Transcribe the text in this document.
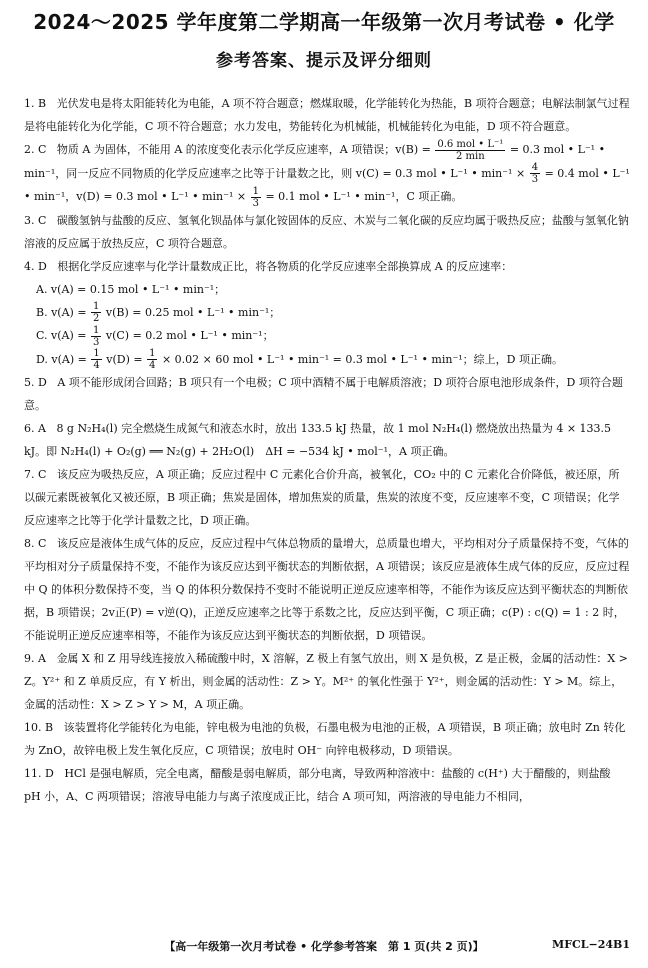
2024～2025 学年度第二学期高一年级第一次月考试卷 • 化学
参考答案、提示及评分细则

1. B 光伏发电是将太阳能转化为电能，A 项不符合题意；燃煤取暖，化学能转化为热能，B 项符合题意；电解法制氯气过程是将电能转化为化学能，C 项不符合题意；水力发电，势能转化为机械能，机械能转化为电能，D 项不符合题意。

2. C 物质 A 为固体，不能用 A 的浓度变化表示化学反应速率，A 项错误；$v(B) = \frac{\text{0.6 mol • L⁻¹}}{2 \min} = 0.3$ mol • L⁻¹ • min⁻¹，同一反应不同物质的化学反应速率之比等于计量数之比，则 v(C) = 0.3 mol • L⁻¹ • $\min^{-1} \times \frac{4}{3} = 0.4$ mol • L⁻¹ • min⁻¹，v(D) = 0.3 mol • L⁻¹ • $\min^{-1} \times \frac{1}{3} = 0.1$ mol • L⁻¹ • min⁻¹，C 项正确。

3. C 碳酸氢钠与盐酸的反应、氢氧化钡晶体与氯化铵固体的反应、木炭与二氧化碳的反应均属于吸热反应；盐酸与氢氧化钠溶液的反应属于放热反应，C 项符合题意。

4. D 根据化学反应速率与化学计量数成正比，将各物质的化学反应速率全部换算成 A 的反应速率：

A. v(A) = 0.15 mol • L⁻¹ • min⁻¹；

B. $v(A) = \frac{1}{2} v(B) = 0.25$ mol • L⁻¹ • min⁻¹；

C. $v(A) = \frac{1}{3} v(C) = 0.2$ mol • L⁻¹ • min⁻¹；

D. $v(A) = \frac{1}{4} v(D) = \frac{1}{4} \times 0.02 \times 60$ mol • L⁻¹ • min⁻¹ = 0.3 mol • L⁻¹ • min⁻¹；综上，D 项正确。

5. D A 项不能形成闭合回路；B 项只有一个电极；C 项中酒精不属于电解质溶液；D 项符合原电池形成条件，D 项符合题意。

6. A 8 g N₂H₄(l) 完全燃烧生成氮气和液态水时，放出 133.5 kJ 热量，故 1 mol N₂H₄(l) 燃烧放出热量为 4 × 133.5 kJ。即 N₂H₄(l) + O₂(g) ══ N₂(g) + 2H₂O(l)　ΔH = −534 kJ • mol⁻¹，A 项正确。

7. C 该反应为吸热反应，A 项正确；反应过程中 C 元素化合价升高，被氧化，CO₂ 中的 C 元素化合价降低，被还原，所以碳元素既被氧化又被还原，B 项正确；焦炭是固体，增加焦炭的质量，焦炭的浓度不变，反应速率不变，C 项错误；化学反应速率之比等于化学计量数之比，D 项正确。

8. C 该反应是液体生成气体的反应，反应过程中气体总物质的量增大，总质量也增大，平均相对分子质量保持不变，气体的平均相对分子质量保持不变，不能作为该反应达到平衡状态的判断依据，A 项错误；该反应是液体生成气体的反应，反应过程中 Q 的体积分数保持不变，当 Q 的体积分数保持不变时不能说明正逆反应速率相等，不能作为该反应达到平衡状态的判断依据，B 项错误；2v正(P) = v逆(Q)，正逆反应速率之比等于系数之比，反应达到平衡，C 项正确；c(P) : c(Q) = 1 : 2 时，不能说明正逆反应速率相等，不能作为该反应达到平衡状态的判断依据，D 项错误。

9. A 金属 X 和 Z 用导线连接放入稀硫酸中时，X 溶解，Z 极上有氢气放出，则 X 是负极，Z 是正极，金属的活动性：X > Z。Y²⁺ 和 Z 单质反应，有 Y 析出，则金属的活动性：Z > Y。M²⁺ 的氧化性强于 Y²⁺，则金属的活动性：Y > M。综上，金属的活动性：X > Z > Y > M，A 项正确。

10. B 该装置将化学能转化为电能，锌电极为电池的负极，石墨电极为电池的正极，A 项错误，B 项正确；放电时 Zn 转化为 ZnO，故锌电极上发生氧化反应，C 项错误；放电时 OH⁻ 向锌电极移动，D 项错误。

11. D HCl 是强电解质，完全电离，醋酸是弱电解质，部分电离，导致两种溶液中：盐酸的 c(H⁺) 大于醋酸的，则盐酸 pH 小，A、C 两项错误；溶液导电能力与离子浓度成正比，结合 A 项可知，两溶液的导电能力不相同，

【高一年级第一次月考试卷 • 化学参考答案　第 1 页(共 2 页)】	MFCL−24B1
